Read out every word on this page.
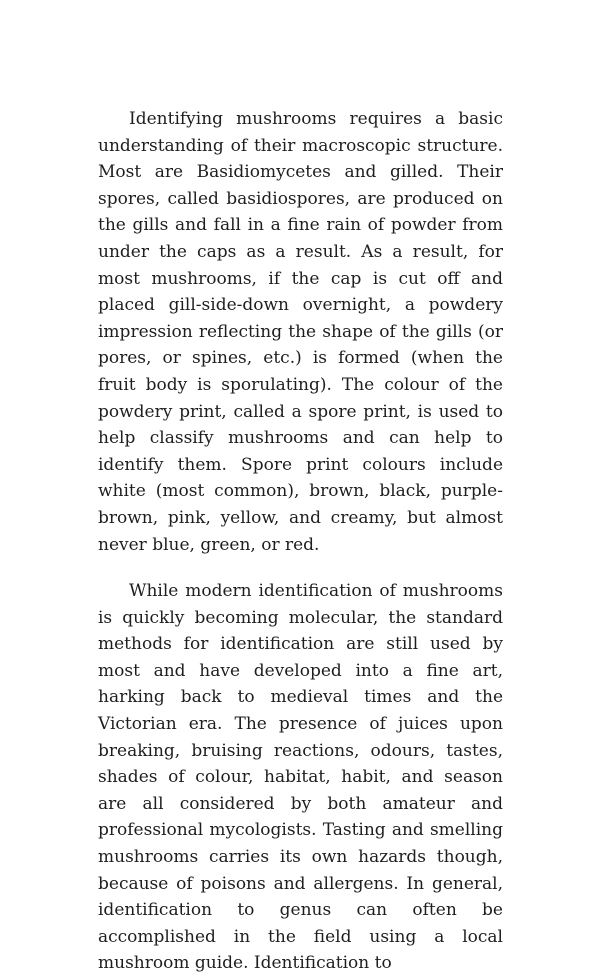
Identifying mushrooms requires a basic understanding of their macroscopic structure. Most are Basidiomycetes and gilled. Their spores, called basidiospores, are produced on the gills and fall in a fine rain of powder from under the caps as a result. As a result, for most mushrooms, if the cap is cut off and placed gill-side-down overnight, a powdery impression reflecting the shape of the gills (or pores, or spines, etc.) is formed (when the fruit body is sporulating). The colour of the powdery print, called a spore print, is used to help classify mushrooms and can help to identify them. Spore print colours include white (most common), brown, black, purple-brown, pink, yellow, and creamy, but almost never blue, green, or red.

While modern identification of mushrooms is quickly becoming molecular, the standard methods for identification are still used by most and have developed into a fine art, harking back to medieval times and the Victorian era. The presence of juices upon breaking, bruising reactions, odours, tastes, shades of colour, habitat, habit, and season are all considered by both amateur and professional mycologists. Tasting and smelling mushrooms carries its own hazards though, because of poisons and allergens. In general, identification to genus can often be accomplished in the field using a local mushroom guide. Identification to
